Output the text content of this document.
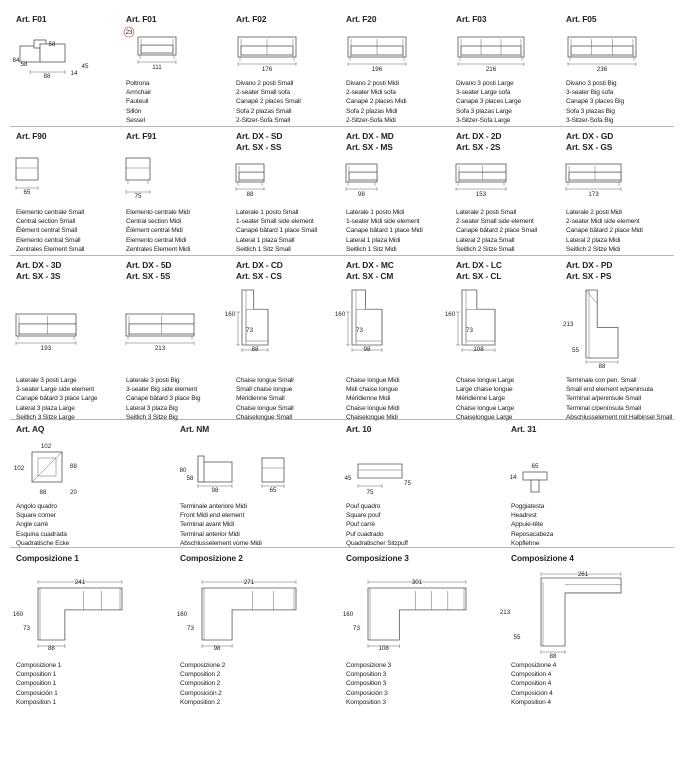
Art. F01
58
84
58
88	14
45
Art. F01
Poltrona
Armchair
Fauteuil
Sillón
Sessel
23
111
Art. F02
Divano 2 posti Small
2-seater Small sofa
Canapé 2 places Small
Sofa 2 plazas Small
2-Sitzer-Sofa Small
176
Art. F20
Divano 2 posti Midi
2-seater Midi sofa
Canapé 2 places Midi
Sofa 2 plazas Midi
2-Sitzer-Sofa Midi
196
Art. F03
Divano 3 posti Large
3-seater Large sofa
Canapé 3 places Large
Sofa 3 plazas Large
3-Sitzer-Sofa Large
216
Art. F05
Divano 3 posti Big
3-seater Big sofa
Canapé 3 places Big
Sofa 3 plazas Big
3-Sitzer-Sofa Big
236
Art. F90
Elemento centrale Small
Central section Small
Élément central Small
Elemento central Small
Zentrales Element Small
65
Art. F91
Elemento centrale Midi
Central section Midi
Élément central Midi
Elemento central Midi
Zentrales Element Midi
75
Art. DX - SD
Art. SX - SS
Laterale 1 posto Small
1-seater Small side element
Canapé bâtard 1 place Small
Lateral 1 plaza Small
Seitlich 1 Sitz Small
88
Art. DX - MD
Art. SX - MS
Laterale 1 posto Midi
1-seater Midi side element
Canapé bâtard 1 place Midi
Lateral 1 plaza Midi
Seitlich 1 Sitz Midi
98
Art. DX - 2D
Art. SX - 2S
Laterale 2 posti Small
2-seater Small side element
Canapé bâtard 2 place Small
Lateral 2 plaza Small
Seitlich 2 Sitze Small
153
Art. DX - GD
Art. SX - GS
Laterale 2 posti Midi
2-seater Midi side element
Canapé bâtard 2 place Midi
Lateral 2 plaza Midi
Seitlich 2 Sitze Midi
173
Art. DX - 3D
Art. SX - 3S
Laterale 3 posti Large
3-seater Large side element
Canapé bâtard 3 place Large
Lateral 3 plaza Large
Seitlich 3 Sitze Large
193
Art. DX - 5D
Art. SX - 5S
Laterale 3 posti Big
3-seater Big side element
Canapé bâtard 3 place Big
Lateral 3 plaza Big
Seitlich 3 Sitze Big
213
Art. DX - CD
Art. SX - CS
Chaise longue Small
Small chaise longue
Méridienne Small
Chaise longue Small
Chaiselongue Small
160
73
88
Art. DX - MC
Art. SX - CM
Chaise longue Midi
Midi chaise longue
Méridienne Midi
Chaise longue Midi
Chaiselongue Midi
160
73
98
Art. DX - LC
Art. SX - CL
Chaise longue Large
Large chaise longue
Méridienne Large
Chaise longue Large
Chaiselongue Large
160
73
108
Art. DX - PD
Art. SX - PS
Terminale con pen. Small
Small end element w/peninsula
Terminal a/peninsule Small
Terminal c/península Small
Abschlusselement mit Halbinsel Small
213
55
88
Art. AQ
Angolo quadro
Square corner
Angle carré
Esquina cuadrada
Quadratische Ecke
102
102	88
88	20
Art. NM
Terminale anteriore Midi
Front Midi end element
Terminal avant Midi
Terminal anterior Midi
Abschlusselement vorne Midi
80
58
98	65
Art. 10
Pouf quadro
Square pouf
Pouf carré
Puf cuadrado
Quadratischer Sitzpuff
45
75
75
Art. 31
Poggiatesta
Headrest
Appuie-tête
Reposacabeza
Kopflehne
65
14
Composizione 1
Composizione 1
Composition 1
Composition 1
Composición 1
Komposition 1
241
160
73
88
Composizione 2
Composizione 2
Composition 2
Composition 2
Composición 2
Komposition 2
271
160
73
98
Composizione 3
Composizione 3
Composition 3
Composition 3
Composición 3
Komposition 3
301
160
73
108
Composizione 4
Composizione 4
Composition 4
Composition 4
Composición 4
Komposition 4
261
213
55
88
